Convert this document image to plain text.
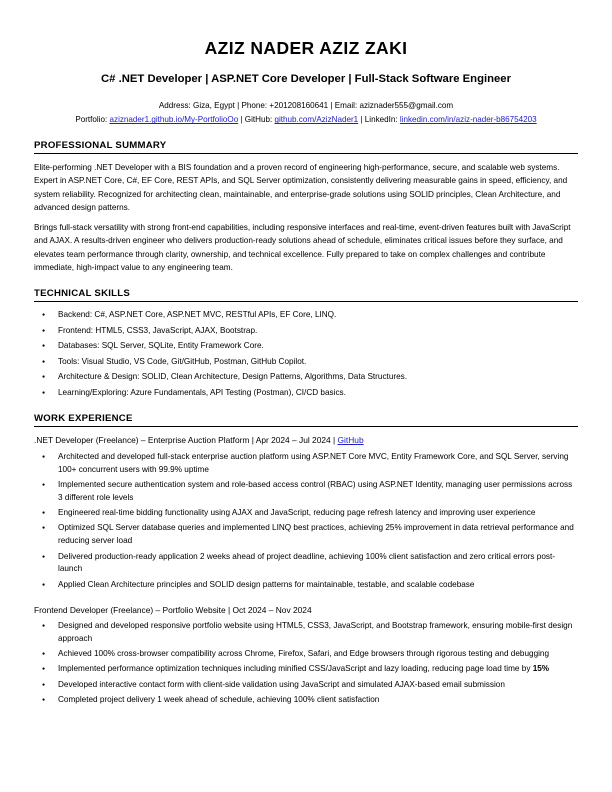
AZIZ NADER AZIZ ZAKI
C# .NET Developer | ASP.NET Core Developer | Full-Stack Software Engineer
Address: Giza, Egypt | Phone: +201208160641 | Email: aziznader555@gmail.com
Portfolio: aziznader1.github.io/My-PortfolioOo | GitHub: github.com/AzizNader1 | LinkedIn: linkedin.com/in/aziz-nader-b86754203
PROFESSIONAL SUMMARY

Elite-performing .NET Developer with a BIS foundation and a proven record of engineering high-performance, secure, and scalable web systems. Expert in ASP.NET Core, C#, EF Core, REST APIs, and SQL Server optimization, consistently delivering measurable gains in speed, efficiency, and system reliability. Recognized for architecting clean, maintainable, and enterprise-grade solutions using SOLID principles, Clean Architecture, and advanced design patterns.

Brings full-stack versatility with strong front-end capabilities, including responsive interfaces and real-time, event-driven features built with JavaScript and AJAX. A results-driven engineer who delivers production-ready solutions ahead of schedule, eliminates critical issues before they surface, and elevates team performance through clarity, ownership, and technical excellence. Fully prepared to take on complex challenges and contribute immediate, high-impact value to any engineering team.

TECHNICAL SKILLS
● Backend: C#, ASP.NET Core, ASP.NET MVC, RESTful APIs, EF Core, LINQ.
● Frontend: HTML5, CSS3, JavaScript, AJAX, Bootstrap.
● Databases: SQL Server, SQLite, Entity Framework Core.
● Tools: Visual Studio, VS Code, Git/GitHub, Postman, GitHub Copilot.
● Architecture & Design: SOLID, Clean Architecture, Design Patterns, Algorithms, Data Structures.
● Learning/Exploring: Azure Fundamentals, API Testing (Postman), CI/CD basics.
WORK EXPERIENCE
.NET Developer (Freelance) – Enterprise Auction Platform | Apr 2024 – Jul 2024 | GitHub
● Architected and developed full-stack enterprise auction platform using ASP.NET Core MVC, Entity Framework Core, and SQL Server, serving 100+ concurrent users with 99.9% uptime
● Implemented secure authentication system and role-based access control (RBAC) using ASP.NET Identity, managing user permissions across 3 different role levels
● Engineered real-time bidding functionality using AJAX and JavaScript, reducing page refresh latency and improving user experience
● Optimized SQL Server database queries and implemented LINQ best practices, achieving 25% improvement in data retrieval performance and reducing server load
● Delivered production-ready application 2 weeks ahead of project deadline, achieving 100% client satisfaction and zero critical errors post-launch
● Applied Clean Architecture principles and SOLID design patterns for maintainable, testable, and scalable codebase
Frontend Developer (Freelance) – Portfolio Website | Oct 2024 – Nov 2024
● Designed and developed responsive portfolio website using HTML5, CSS3, JavaScript, and Bootstrap framework, ensuring mobile-first design approach
● Achieved 100% cross-browser compatibility across Chrome, Firefox, Safari, and Edge browsers through rigorous testing and debugging
● Implemented performance optimization techniques including minified CSS/JavaScript and lazy loading, reducing page load time by 15%
● Developed interactive contact form with client-side validation using JavaScript and simulated AJAX-based email submission
● Completed project delivery 1 week ahead of schedule, achieving 100% client satisfaction
